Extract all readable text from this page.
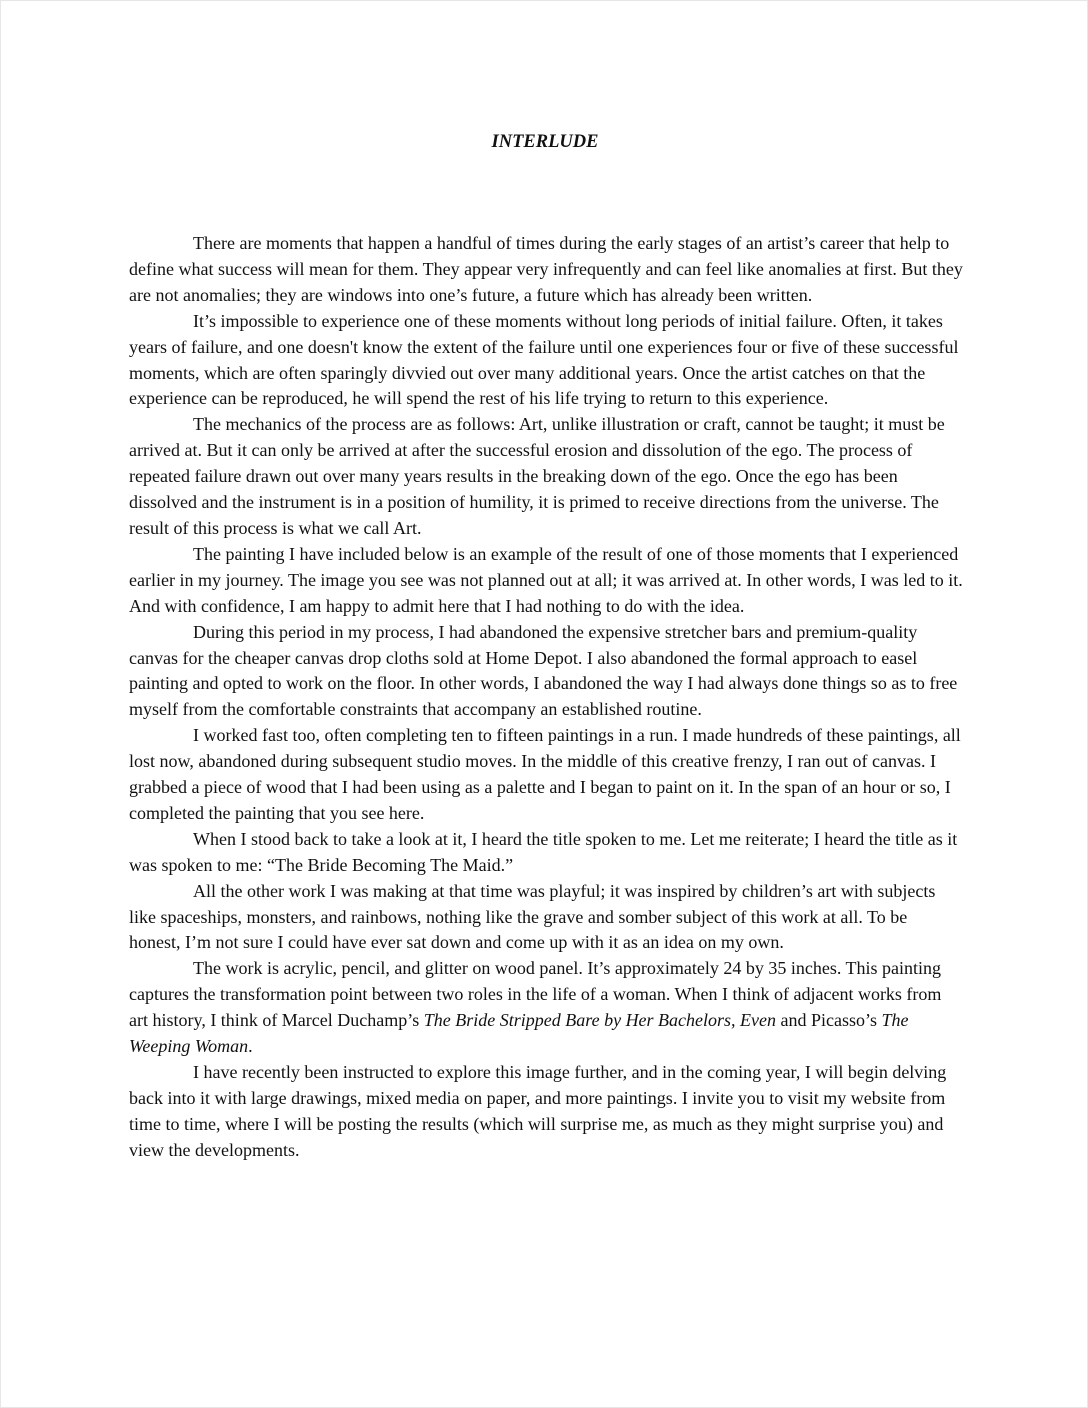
INTERLUDE

There are moments that happen a handful of times during the early stages of an artist’s career that help to define what success will mean for them. They appear very infrequently and can feel like anomalies at first. But they are not anomalies; they are windows into one’s future, a future which has already been written.

It’s impossible to experience one of these moments without long periods of initial failure. Often, it takes years of failure, and one doesn't know the extent of the failure until one experiences four or five of these successful moments, which are often sparingly divvied out over many additional years. Once the artist catches on that the experience can be reproduced, he will spend the rest of his life trying to return to this experience.

The mechanics of the process are as follows: Art, unlike illustration or craft, cannot be taught; it must be arrived at. But it can only be arrived at after the successful erosion and dissolution of the ego. The process of repeated failure drawn out over many years results in the breaking down of the ego. Once the ego has been dissolved and the instrument is in a position of humility, it is primed to receive directions from the universe. The result of this process is what we call Art.

The painting I have included below is an example of the result of one of those moments that I experienced earlier in my journey. The image you see was not planned out at all; it was arrived at. In other words, I was led to it. And with confidence, I am happy to admit here that I had nothing to do with the idea.

During this period in my process, I had abandoned the expensive stretcher bars and premium-quality canvas for the cheaper canvas drop cloths sold at Home Depot. I also abandoned the formal approach to easel painting and opted to work on the floor. In other words, I abandoned the way I had always done things so as to free myself from the comfortable constraints that accompany an established routine.

I worked fast too, often completing ten to fifteen paintings in a run. I made hundreds of these paintings, all lost now, abandoned during subsequent studio moves. In the middle of this creative frenzy, I ran out of canvas. I grabbed a piece of wood that I had been using as a palette and I began to paint on it. In the span of an hour or so, I completed the painting that you see here.

When I stood back to take a look at it, I heard the title spoken to me. Let me reiterate; I heard the title as it was spoken to me: “The Bride Becoming The Maid.”

All the other work I was making at that time was playful; it was inspired by children’s art with subjects like spaceships, monsters, and rainbows, nothing like the grave and somber subject of this work at all. To be honest, I’m not sure I could have ever sat down and come up with it as an idea on my own.

The work is acrylic, pencil, and glitter on wood panel. It’s approximately 24 by 35 inches. This painting captures the transformation point between two roles in the life of a woman. When I think of adjacent works from art history, I think of Marcel Duchamp’s The Bride Stripped Bare by Her Bachelors, Even and Picasso’s The Weeping Woman.

I have recently been instructed to explore this image further, and in the coming year, I will begin delving back into it with large drawings, mixed media on paper, and more paintings. I invite you to visit my website from time to time, where I will be posting the results (which will surprise me, as much as they might surprise you) and view the developments.
